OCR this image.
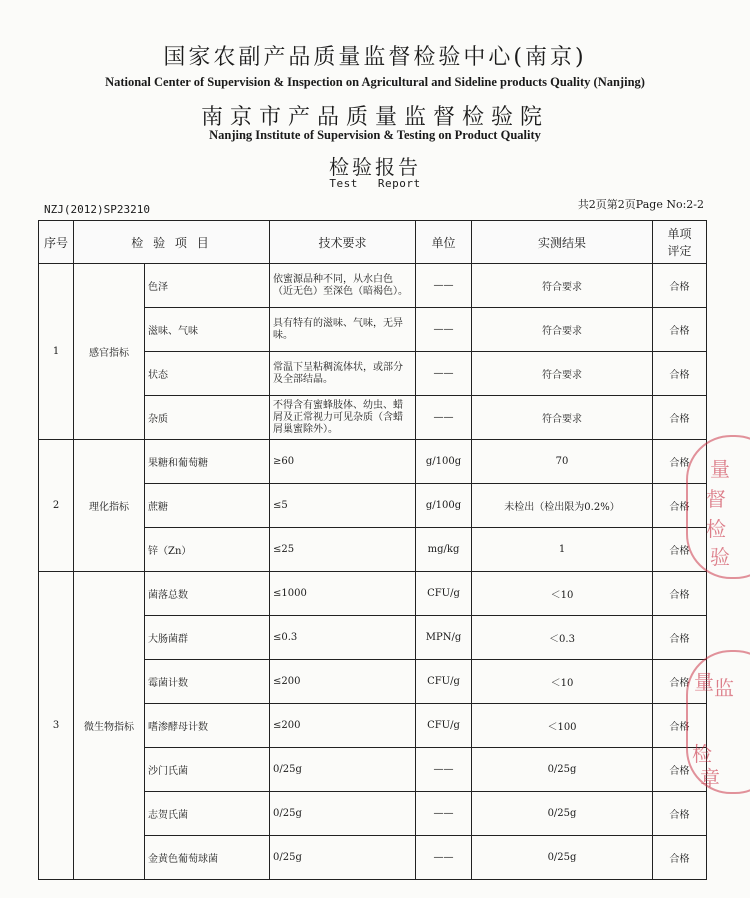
国家农副产品质量监督检验中心(南京)
National Center of Supervision & Inspection on Agricultural and Sideline products Quality (Nanjing)
南京市产品质量监督检验院
Nanjing Institute of Supervision & Testing on Product Quality
检验报告
Test Report
NZJ(2012)SP23210	共2页第2页Page No:2-2
序号	检 验 项 目		技术要求	单位	实测结果	单项
评定
1	感官指标	色泽	依蜜源品种不同，从水白色（近无色）至深色（暗褐色）。	——	符合要求	合格
		滋味、气味	具有特有的滋味、气味，无异味。	——	符合要求	合格
		状态	常温下呈粘稠流体状，或部分及全部结晶。	——	符合要求	合格
		杂质	不得含有蜜蜂肢体、幼虫、蜡屑及正常视力可见杂质（含蜡屑巢蜜除外）。	——	符合要求	合格
2	理化指标	果糖和葡萄糖	≥60	g/100g	70	合格
		蔗糖	≤5	g/100g	未检出（检出限为0.2%）	合格
		锌（Zn）	≤25	mg/kg	1	合格
3	微生物指标	菌落总数	≤1000	CFU/g	＜10	合格
		大肠菌群	≤0.3	MPN/g	＜0.3	合格
		霉菌计数	≤200	CFU/g	＜10	合格
		嗜渗酵母计数	≤200	CFU/g	＜100	合格
		沙门氏菌	0/25g	——	0/25g	合格
		志贺氏菌	0/25g	——	0/25g	合格
		金黄色葡萄球菌	0/25g	——	0/25g	合格
量
督
检
验
量 监
检
章
